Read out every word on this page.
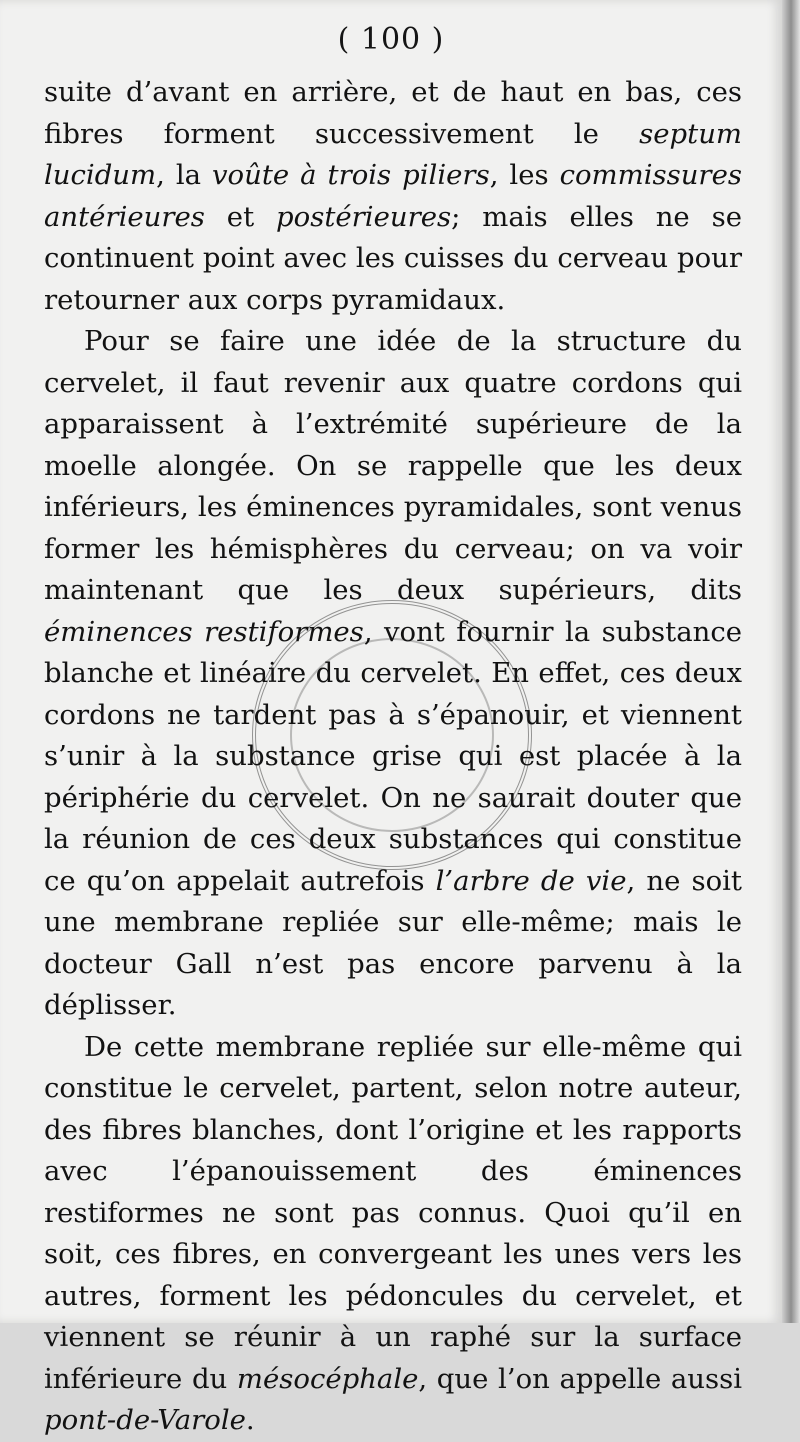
( 100 )

suite d’avant en arrière, et de haut en bas, ces fibres forment successivement le septum lucidum, la voûte à trois piliers, les commissures antérieures et postérieures; mais elles ne se continuent point avec les cuisses du cerveau pour retourner aux corps pyramidaux.

Pour se faire une idée de la structure du cervelet, il faut revenir aux quatre cordons qui apparaissent à l’extrémité supérieure de la moelle alongée. On se rappelle que les deux inférieurs, les éminences pyramidales, sont venus former les hémisphères du cerveau; on va voir maintenant que les deux supérieurs, dits éminences restiformes, vont fournir la substance blanche et linéaire du cervelet. En effet, ces deux cordons ne tardent pas à s’épanouir, et viennent s’unir à la substance grise qui est placée à la périphérie du cervelet. On ne saurait douter que la réunion de ces deux substances qui constitue ce qu’on appelait autrefois l’arbre de vie, ne soit une membrane repliée sur elle-même; mais le docteur Gall n’est pas encore parvenu à la déplisser.

De cette membrane repliée sur elle-même qui constitue le cervelet, partent, selon notre auteur, des fibres blanches, dont l’origine et les rapports avec l’épanouissement des éminences restiformes ne sont pas connus. Quoi qu’il en soit, ces fibres, en convergeant les unes vers les autres, forment les pédoncules du cervelet, et viennent se réunir à un raphé sur la surface inférieure du mésocéphale, que l’on appelle aussi pont-de-Varole.
